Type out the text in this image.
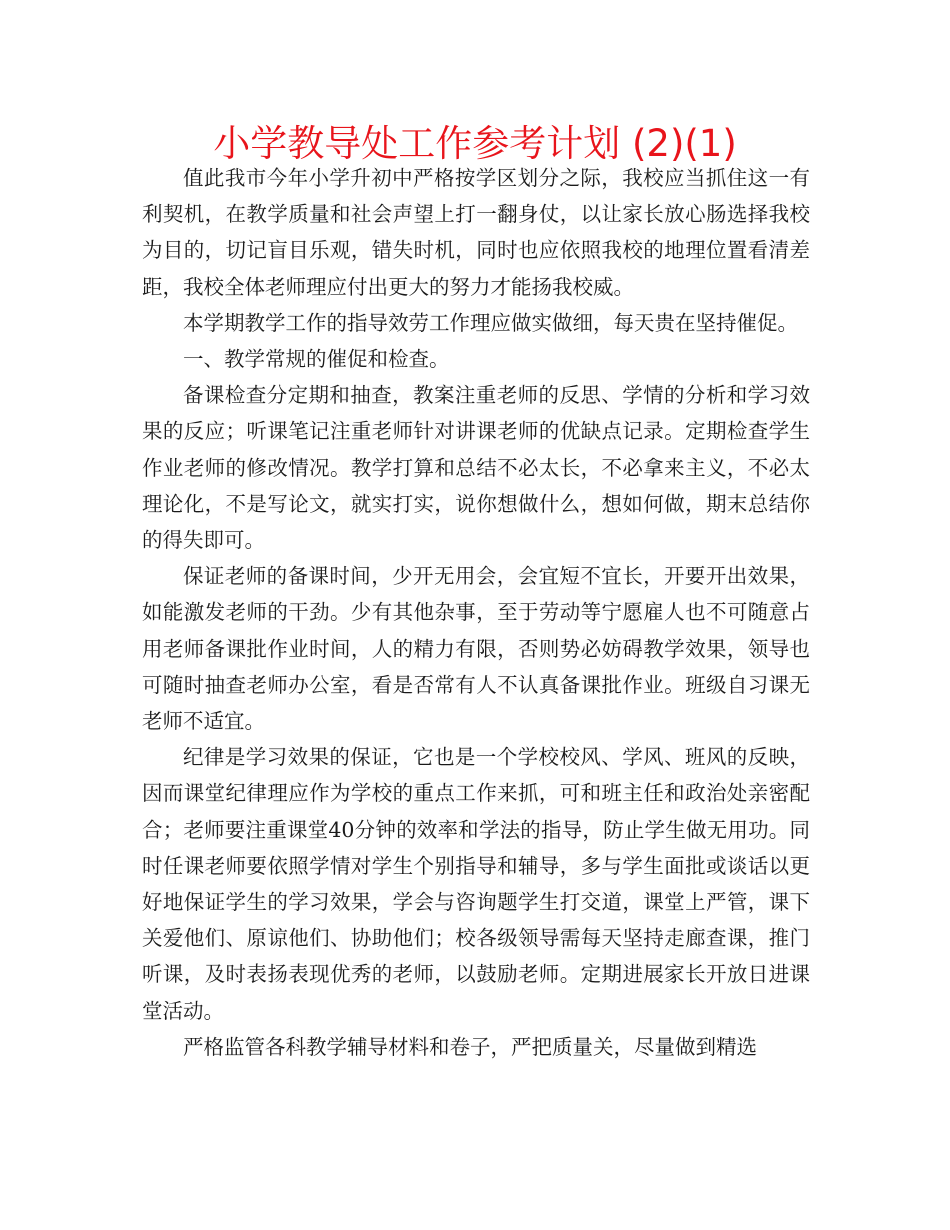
小学教导处工作参考计划 (2)(1)

值此我市今年小学升初中严格按学区划分之际，我校应当抓住这一有利契机，在教学质量和社会声望上打一翻身仗，以让家长放心肠选择我校为目的，切记盲目乐观，错失时机，同时也应依照我校的地理位置看清差距，我校全体老师理应付出更大的努力才能扬我校威。

本学期教学工作的指导效劳工作理应做实做细，每天贵在坚持催促。

一、教学常规的催促和检查。

备课检查分定期和抽查，教案注重老师的反思、学情的分析和学习效果的反应；听课笔记注重老师针对讲课老师的优缺点记录。定期检查学生作业老师的修改情况。教学打算和总结不必太长，不必拿来主义，不必太理论化，不是写论文，就实打实，说你想做什么，想如何做，期末总结你的得失即可。

保证老师的备课时间，少开无用会，会宜短不宜长，开要开出效果，如能激发老师的干劲。少有其他杂事，至于劳动等宁愿雇人也不可随意占用老师备课批作业时间，人的精力有限，否则势必妨碍教学效果，领导也可随时抽查老师办公室，看是否常有人不认真备课批作业。班级自习课无老师不适宜。

纪律是学习效果的保证，它也是一个学校校风、学风、班风的反映，因而课堂纪律理应作为学校的重点工作来抓，可和班主任和政治处亲密配合；老师要注重课堂40分钟的效率和学法的指导，防止学生做无用功。同时任课老师要依照学情对学生个别指导和辅导，多与学生面批或谈话以更好地保证学生的学习效果，学会与咨询题学生打交道，课堂上严管，课下关爱他们、原谅他们、协助他们；校各级领导需每天坚持走廊查课，推门听课，及时表扬表现优秀的老师，以鼓励老师。定期进展家长开放日进课堂活动。

严格监管各科教学辅导材料和卷子，严把质量关，尽量做到精选
